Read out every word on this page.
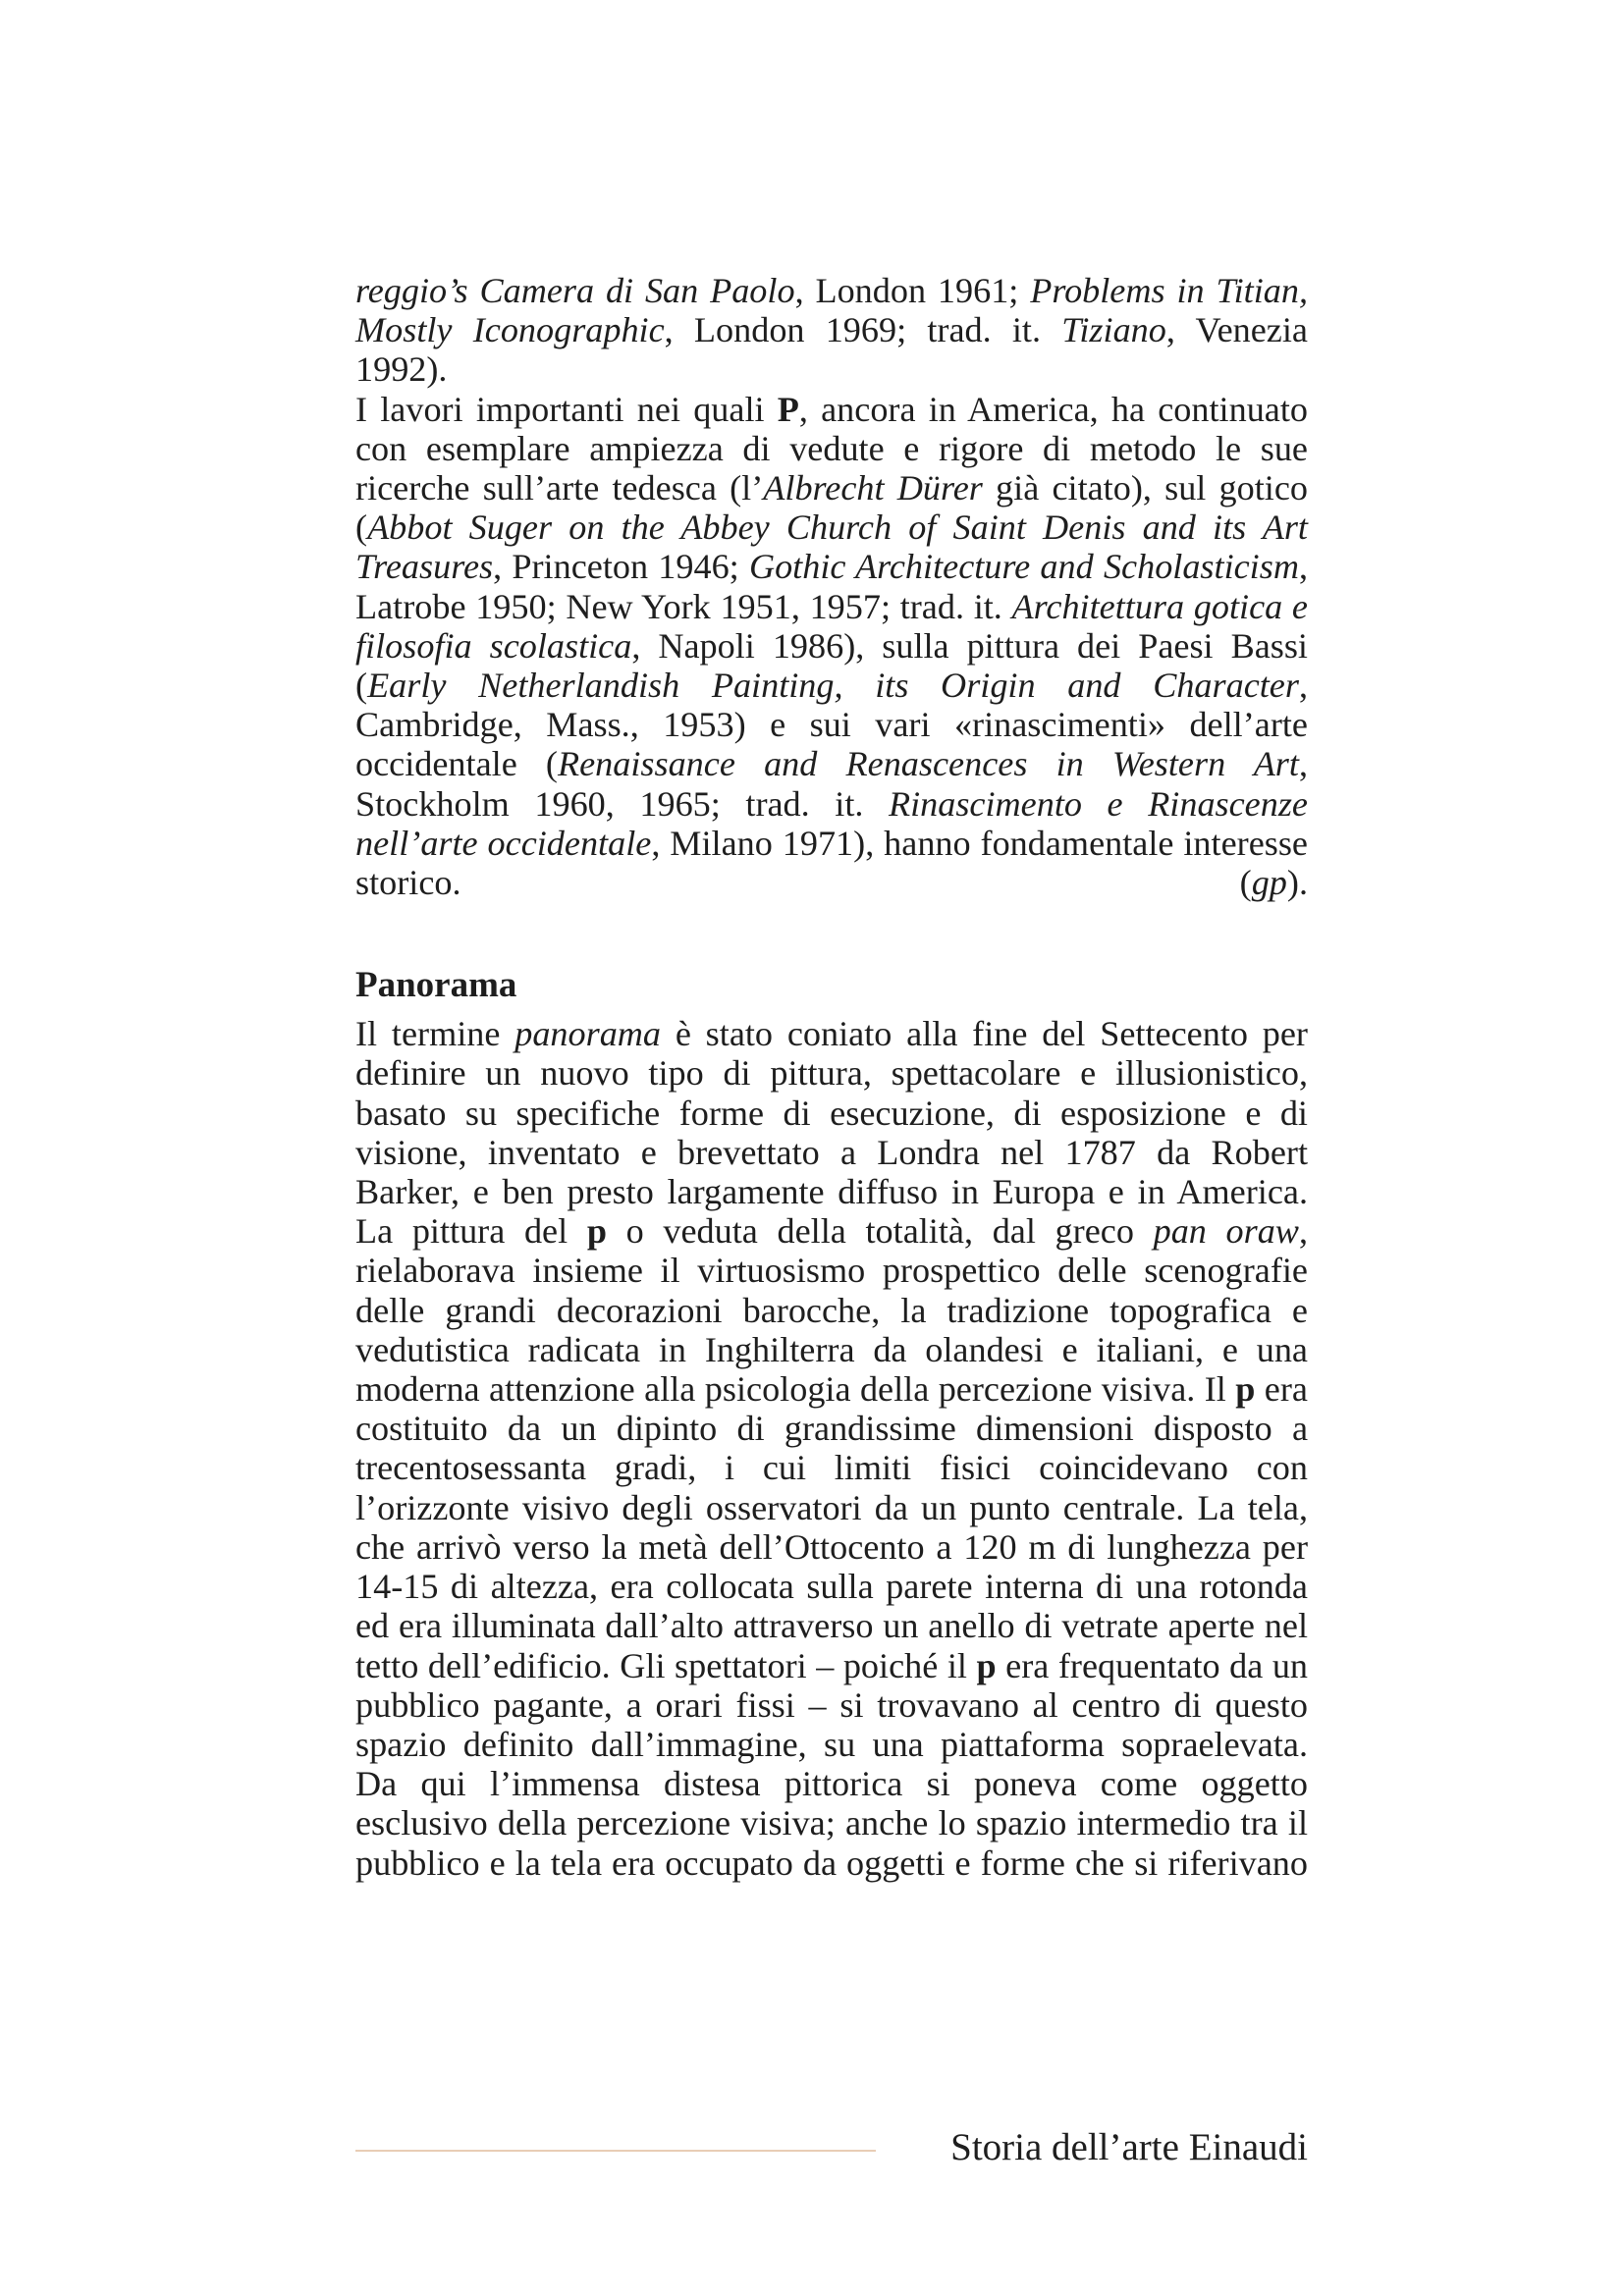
reggio’s Camera di San Paolo, London 1961; Problems in Titian, Mostly Iconographic, London 1969; trad. it. Tiziano, Venezia 1992).

I lavori importanti nei quali P, ancora in America, ha continuato con esemplare ampiezza di vedute e rigore di metodo le sue ricerche sull’arte tedesca (l’Albrecht Dürer già citato), sul gotico (Abbot Suger on the Abbey Church of Saint Denis and its Art Treasures, Princeton 1946; Gothic Architecture and Scholasticism, Latrobe 1950; New York 1951, 1957; trad. it. Architettura gotica e filosofia scolastica, Napoli 1986), sulla pittura dei Paesi Bassi (Early Netherlandish Painting, its Origin and Character, Cambridge, Mass., 1953) e sui vari «rinascimenti» dell’arte occidentale (Renaissance and Renascences in Western Art, Stockholm 1960, 1965; trad. it. Rinascimento e Rinascenze nell’arte occidentale, Milano 1971), hanno fondamentale interesse storico. (gp).

Panorama

Il termine panorama è stato coniato alla fine del Settecento per definire un nuovo tipo di pittura, spettacolare e illusionistico, basato su specifiche forme di esecuzione, di esposizione e di visione, inventato e brevettato a Londra nel 1787 da Robert Barker, e ben presto largamente diffuso in Europa e in America. La pittura del p o veduta della totalità, dal greco pan oraw, rielaborava insieme il virtuosismo prospettico delle scenografie delle grandi decorazioni barocche, la tradizione topografica e vedutistica radicata in Inghilterra da olandesi e italiani, e una moderna attenzione alla psicologia della percezione visiva. Il p era costituito da un dipinto di grandissime dimensioni disposto a trecentosessanta gradi, i cui limiti fisici coincidevano con l’orizzonte visivo degli osservatori da un punto centrale. La tela, che arrivò verso la metà dell’Ottocento a 120 m di lunghezza per 14-15 di altezza, era collocata sulla parete interna di una rotonda ed era illuminata dall’alto attraverso un anello di vetrate aperte nel tetto dell’edificio. Gli spettatori – poiché il p era frequentato da un pubblico pagante, a orari fissi – si trovavano al centro di questo spazio definito dall’immagine, su una piattaforma sopraelevata. Da qui l’immensa distesa pittorica si poneva come oggetto esclusivo della percezione visiva; anche lo spazio intermedio tra il pubblico e la tela era occupato da oggetti e forme che si riferivano

Storia dell’arte Einaudi
